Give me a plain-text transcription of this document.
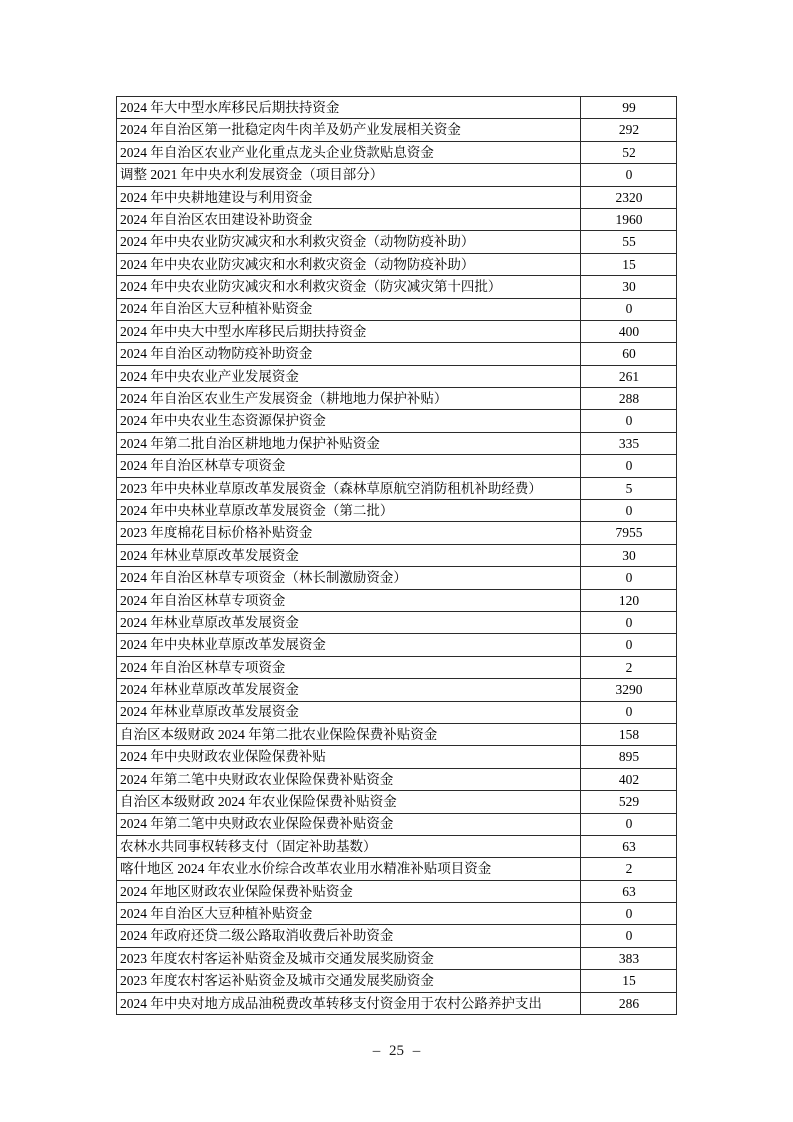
2024 年大中型水库移民后期扶持资金	99
2024 年自治区第一批稳定肉牛肉羊及奶产业发展相关资金	292
2024 年自治区农业产业化重点龙头企业贷款贴息资金	52
调整 2021 年中央水利发展资金（项目部分）	0
2024 年中央耕地建设与利用资金	2320
2024 年自治区农田建设补助资金	1960
2024 年中央农业防灾减灾和水利救灾资金（动物防疫补助）	55
2024 年中央农业防灾减灾和水利救灾资金（动物防疫补助）	15
2024 年中央农业防灾减灾和水利救灾资金（防灾减灾第十四批）	30
2024 年自治区大豆种植补贴资金	0
2024 年中央大中型水库移民后期扶持资金	400
2024 年自治区动物防疫补助资金	60
2024 年中央农业产业发展资金	261
2024 年自治区农业生产发展资金（耕地地力保护补贴）	288
2024 年中央农业生态资源保护资金	0
2024 年第二批自治区耕地地力保护补贴资金	335
2024 年自治区林草专项资金	0
2023 年中央林业草原改革发展资金（森林草原航空消防租机补助经费）	5
2024 年中央林业草原改革发展资金（第二批）	0
2023 年度棉花目标价格补贴资金	7955
2024 年林业草原改革发展资金	30
2024 年自治区林草专项资金（林长制激励资金）	0
2024 年自治区林草专项资金	120
2024 年林业草原改革发展资金	0
2024 年中央林业草原改革发展资金	0
2024 年自治区林草专项资金	2
2024 年林业草原改革发展资金	3290
2024 年林业草原改革发展资金	0
自治区本级财政 2024 年第二批农业保险保费补贴资金	158
2024 年中央财政农业保险保费补贴	895
2024 年第二笔中央财政农业保险保费补贴资金	402
自治区本级财政 2024 年农业保险保费补贴资金	529
2024 年第二笔中央财政农业保险保费补贴资金	0
农林水共同事权转移支付（固定补助基数）	63
喀什地区 2024 年农业水价综合改革农业用水精准补贴项目资金	2
2024 年地区财政农业保险保费补贴资金	63
2024 年自治区大豆种植补贴资金	0
2024 年政府还贷二级公路取消收费后补助资金	0
2023 年度农村客运补贴资金及城市交通发展奖励资金	383
2023 年度农村客运补贴资金及城市交通发展奖励资金	15
2024 年中央对地方成品油税费改革转移支付资金用于农村公路养护支出	286
– 25 –
